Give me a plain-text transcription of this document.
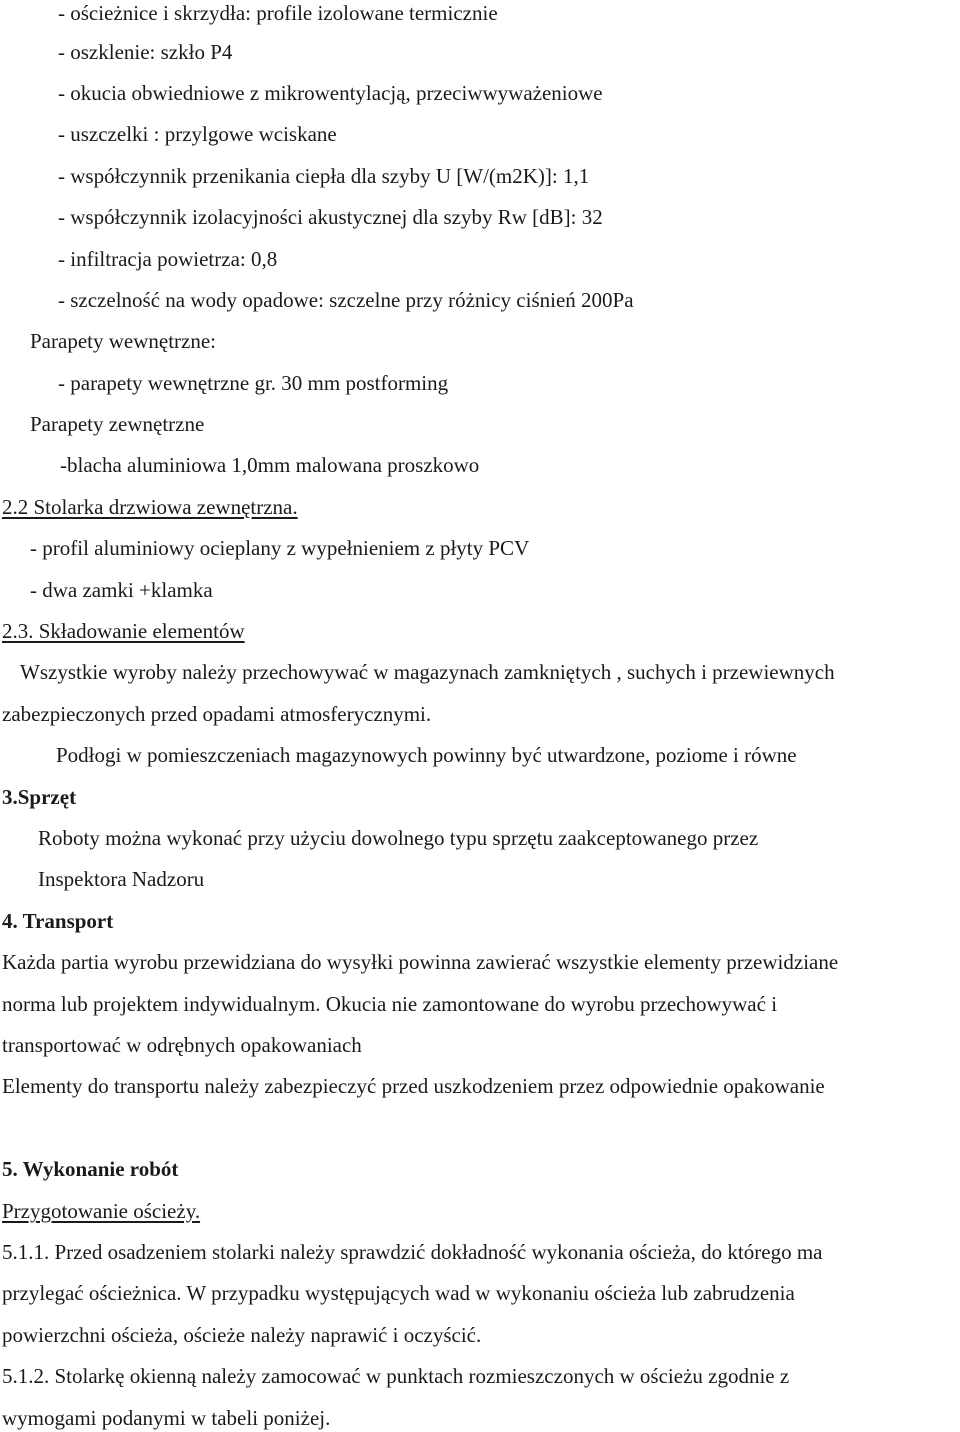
- ościeżnice i skrzydła: profile izolowane termicznie
- oszklenie: szkło P4
- okucia obwiedniowe z mikrowentylacją, przeciwwyważeniowe
- uszczelki : przylgowe wciskane
- współczynnik przenikania ciepła dla szyby U [W/(m2K)]: 1,1
- współczynnik izolacyjności akustycznej dla szyby Rw [dB]: 32
- infiltracja powietrza: 0,8
- szczelność na wody opadowe: szczelne przy różnicy ciśnień 200Pa
Parapety wewnętrzne:
- parapety wewnętrzne gr. 30 mm postforming
Parapety zewnętrzne
-blacha aluminiowa 1,0mm malowana proszkowo
2.2 Stolarka drzwiowa zewnętrzna.
- profil aluminiowy ocieplany z wypełnieniem z płyty PCV
- dwa zamki +klamka
2.3. Składowanie elementów
Wszystkie wyroby należy przechowywać w magazynach zamkniętych , suchych i przewiewnych
zabezpieczonych przed opadami atmosferycznymi.
Podłogi w pomieszczeniach magazynowych powinny być utwardzone, poziome i równe
3.Sprzęt
Roboty można wykonać przy użyciu dowolnego typu sprzętu zaakceptowanego przez
Inspektora Nadzoru
4. Transport
Każda partia wyrobu przewidziana do wysyłki powinna zawierać wszystkie elementy przewidziane
norma lub projektem indywidualnym. Okucia nie zamontowane do wyrobu przechowywać i
transportować w odrębnych opakowaniach
Elementy do transportu należy zabezpieczyć przed uszkodzeniem przez odpowiednie opakowanie
5. Wykonanie robót
Przygotowanie ościeży.
5.1.1. Przed osadzeniem stolarki należy sprawdzić dokładność wykonania ościeża, do którego ma
przylegać ościeżnica. W przypadku występujących wad w wykonaniu ościeża lub zabrudzenia
powierzchni ościeża, ościeże należy naprawić i oczyścić.
5.1.2. Stolarkę okienną należy zamocować w punktach rozmieszczonych w ościeżu zgodnie z
wymogami podanymi w tabeli poniżej.
